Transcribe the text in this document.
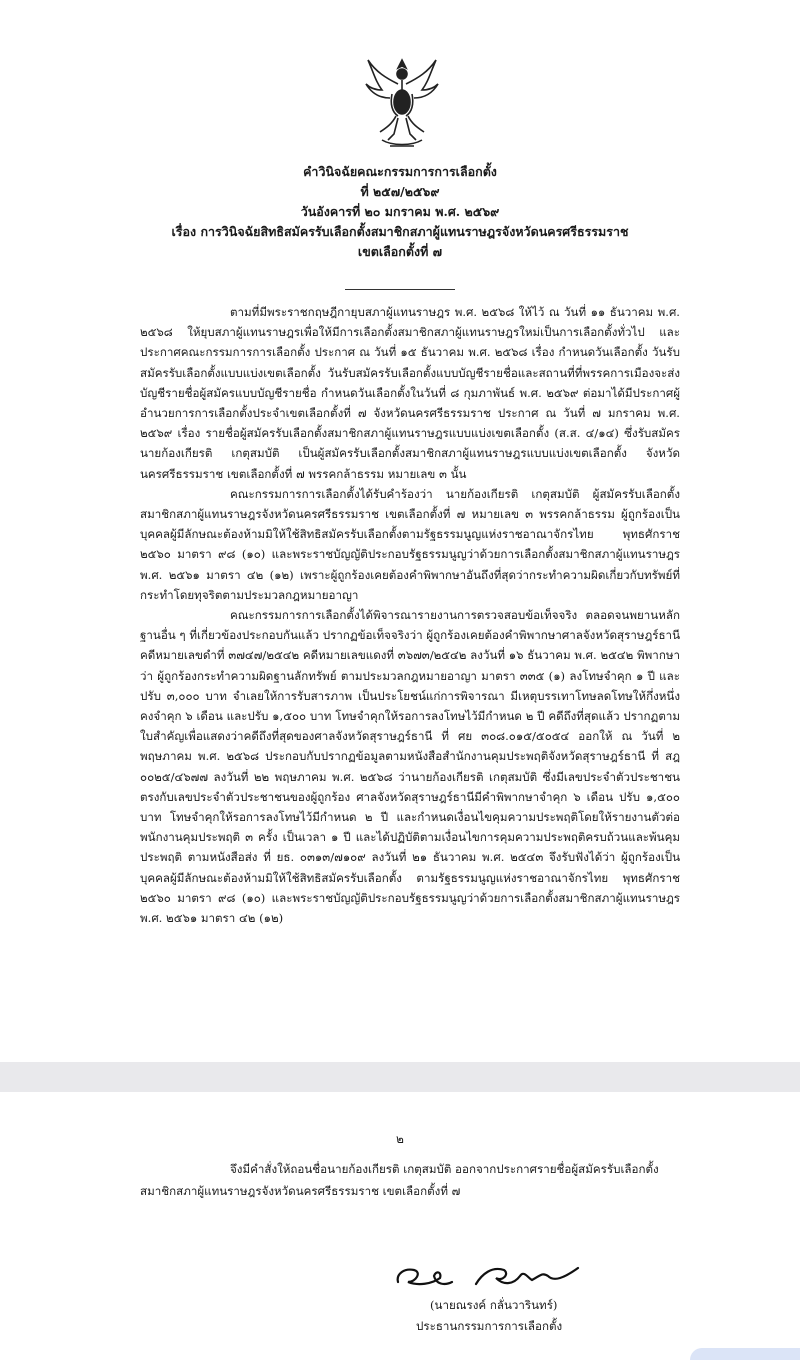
คำวินิจฉัยคณะกรรมการการเลือกตั้ง
ที่ ๒๕๗/๒๕๖๙
วันอังคารที่ ๒๐ มกราคม พ.ศ. ๒๕๖๙
เรื่อง การวินิจฉัยสิทธิสมัครรับเลือกตั้งสมาชิกสภาผู้แทนราษฎรจังหวัดนครศรีธรรมราช
เขตเลือกตั้งที่ ๗

ตามที่มีพระราชกฤษฎีกายุบสภาผู้แทนราษฎร พ.ศ. ๒๕๖๘ ให้ไว้ ณ วันที่ ๑๑ ธันวาคม พ.ศ. ๒๕๖๘ ให้ยุบสภาผู้แทนราษฎรเพื่อให้มีการเลือกตั้งสมาชิกสภาผู้แทนราษฎรใหม่เป็นการเลือกตั้งทั่วไป และประกาศคณะกรรมการการเลือกตั้ง ประกาศ ณ วันที่ ๑๕ ธันวาคม พ.ศ. ๒๕๖๘ เรื่อง กำหนดวันเลือกตั้ง วันรับสมัครรับเลือกตั้งแบบแบ่งเขตเลือกตั้ง วันรับสมัครรับเลือกตั้งแบบบัญชีรายชื่อและสถานที่ที่พรรคการเมืองจะส่งบัญชีรายชื่อผู้สมัครแบบบัญชีรายชื่อ กำหนดวันเลือกตั้งในวันที่ ๘ กุมภาพันธ์ พ.ศ. ๒๕๖๙ ต่อมาได้มีประกาศผู้อำนวยการการเลือกตั้งประจำเขตเลือกตั้งที่ ๗ จังหวัดนครศรีธรรมราช ประกาศ ณ วันที่ ๗ มกราคม พ.ศ. ๒๕๖๙ เรื่อง รายชื่อผู้สมัครรับเลือกตั้งสมาชิกสภาผู้แทนราษฎรแบบแบ่งเขตเลือกตั้ง (ส.ส. ๔/๑๔) ซึ่งรับสมัครนายก้องเกียรติ เกตุสมบัติ เป็นผู้สมัครรับเลือกตั้งสมาชิกสภาผู้แทนราษฎรแบบแบ่งเขตเลือกตั้ง จังหวัดนครศรีธรรมราช เขตเลือกตั้งที่ ๗ พรรคกล้าธรรม หมายเลข ๓ นั้น

คณะกรรมการการเลือกตั้งได้รับคำร้องว่า นายก้องเกียรติ เกตุสมบัติ ผู้สมัครรับเลือกตั้งสมาชิกสภาผู้แทนราษฎรจังหวัดนครศรีธรรมราช เขตเลือกตั้งที่ ๗ หมายเลข ๓ พรรคกล้าธรรม ผู้ถูกร้องเป็นบุคคลผู้มีลักษณะต้องห้ามมิให้ใช้สิทธิสมัครรับเลือกตั้งตามรัฐธรรมนูญแห่งราชอาณาจักรไทย พุทธศักราช ๒๕๖๐ มาตรา ๙๘ (๑๐) และพระราชบัญญัติประกอบรัฐธรรมนูญว่าด้วยการเลือกตั้งสมาชิกสภาผู้แทนราษฎร พ.ศ. ๒๕๖๑ มาตรา ๔๒ (๑๒) เพราะผู้ถูกร้องเคยต้องคำพิพากษาอันถึงที่สุดว่ากระทำความผิดเกี่ยวกับทรัพย์ที่กระทำโดยทุจริตตามประมวลกฎหมายอาญา

คณะกรรมการการเลือกตั้งได้พิจารณารายงานการตรวจสอบข้อเท็จจริง ตลอดจนพยานหลักฐานอื่น ๆ ที่เกี่ยวข้องประกอบกันแล้ว ปรากฏข้อเท็จจริงว่า ผู้ถูกร้องเคยต้องคำพิพากษาศาลจังหวัดสุราษฎร์ธานี คดีหมายเลขดำที่ ๓๗๔๗/๒๕๔๒ คดีหมายเลขแดงที่ ๓๖๗๓/๒๕๔๒ ลงวันที่ ๑๖ ธันวาคม พ.ศ. ๒๕๔๒ พิพากษาว่า ผู้ถูกร้องกระทำความผิดฐานลักทรัพย์ ตามประมวลกฎหมายอาญา มาตรา ๓๓๕ (๑) ลงโทษจำคุก ๑ ปี และปรับ ๓,๐๐๐ บาท จำเลยให้การรับสารภาพ เป็นประโยชน์แก่การพิจารณา มีเหตุบรรเทาโทษลดโทษให้กึ่งหนึ่ง คงจำคุก ๖ เดือน และปรับ ๑,๕๐๐ บาท โทษจำคุกให้รอการลงโทษไว้มีกำหนด ๒ ปี คดีถึงที่สุดแล้ว ปรากฏตามใบสำคัญเพื่อแสดงว่าคดีถึงที่สุดของศาลจังหวัดสุราษฎร์ธานี ที่ ศย ๓๐๘.๐๑๕/๕๐๕๔ ออกให้ ณ วันที่ ๒ พฤษภาคม พ.ศ. ๒๕๖๘ ประกอบกับปรากฏข้อมูลตามหนังสือสำนักงานคุมประพฤติจังหวัดสุราษฎร์ธานี ที่ สฎ ๐๐๒๕/๔๖๗๗ ลงวันที่ ๒๒ พฤษภาคม พ.ศ. ๒๕๖๘ ว่านายก้องเกียรติ เกตุสมบัติ ซึ่งมีเลขประจำตัวประชาชนตรงกับเลขประจำตัวประชาชนของผู้ถูกร้อง ศาลจังหวัดสุราษฎร์ธานีมีคำพิพากษาจำคุก ๖ เดือน ปรับ ๑,๕๐๐ บาท โทษจำคุกให้รอการลงโทษไว้มีกำหนด ๒ ปี และกำหนดเงื่อนไขคุมความประพฤติโดยให้รายงานตัวต่อพนักงานคุมประพฤติ ๓ ครั้ง เป็นเวลา ๑ ปี และได้ปฏิบัติตามเงื่อนไขการคุมความประพฤติครบถ้วนและพ้นคุมประพฤติ ตามหนังสือส่ง ที่ ยธ. ๐๓๑๓/๗๑๐๙ ลงวันที่ ๒๑ ธันวาคม พ.ศ. ๒๕๔๓ จึงรับฟังได้ว่า ผู้ถูกร้องเป็นบุคคลผู้มีลักษณะต้องห้ามมิให้ใช้สิทธิสมัครรับเลือกตั้ง ตามรัฐธรรมนูญแห่งราชอาณาจักรไทย พุทธศักราช ๒๕๖๐ มาตรา ๙๘ (๑๐) และพระราชบัญญัติประกอบรัฐธรรมนูญว่าด้วยการเลือกตั้งสมาชิกสภาผู้แทนราษฎร พ.ศ. ๒๕๖๑ มาตรา ๔๒ (๑๒)

๒

จึงมีคำสั่งให้ถอนชื่อนายก้องเกียรติ เกตุสมบัติ ออกจากประกาศรายชื่อผู้สมัครรับเลือกตั้งสมาชิกสภาผู้แทนราษฎรจังหวัดนครศรีธรรมราช เขตเลือกตั้งที่ ๗

(นายณรงค์ กลั่นวารินทร์)
ประธานกรรมการการเลือกตั้ง
